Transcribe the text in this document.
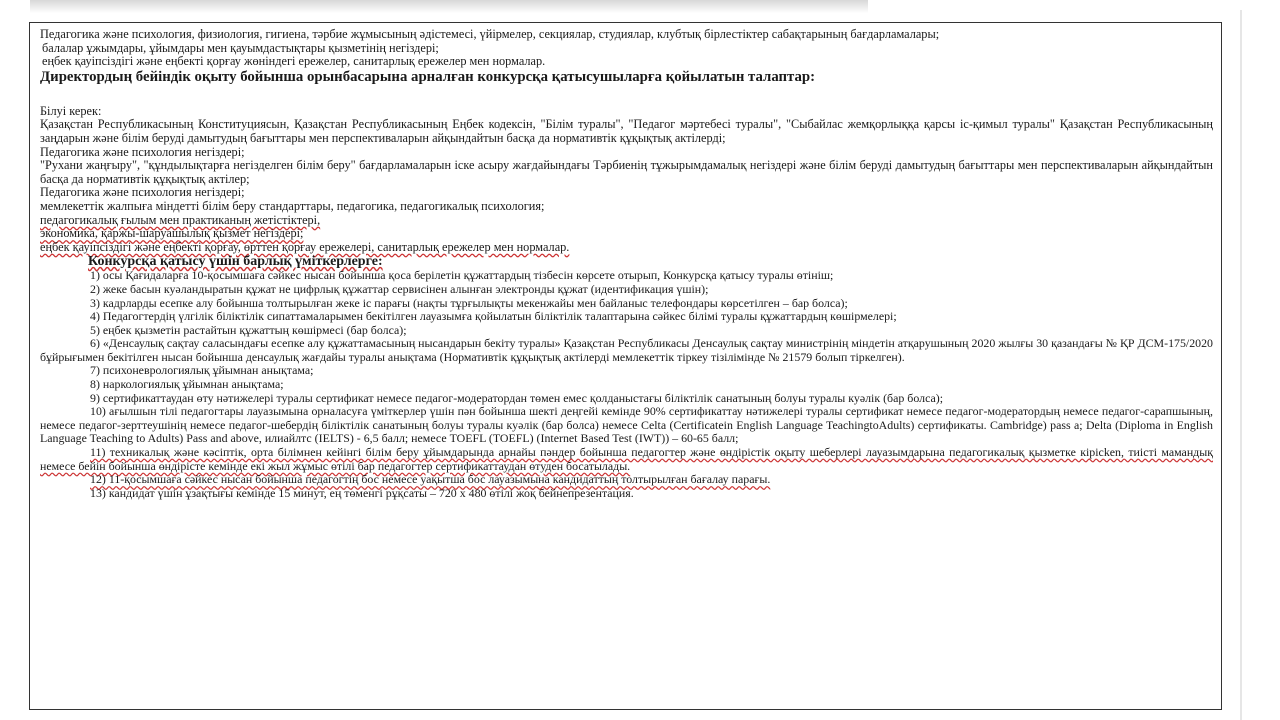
Педагогика және психология, физиология, гигиена, тәрбие жұмысының әдістемесі, үйірмелер, секциялар, студиялар, клубтық бірлестіктер сабақтарының бағдарламалары;

балалар ұжымдары, ұйымдары мен қауымдастықтары қызметінің негіздері;

еңбек қауіпсіздігі және еңбекті қорғау жөніндегі ережелер, санитарлық ережелер мен нормалар.

Директордың бейіндік оқыту бойынша орынбасарына арналған конкурсқа қатысушыларға қойылатын талаптар:

Білуі керек:

Қазақстан Республикасының Конституциясын, Қазақстан Республикасының Еңбек кодексін, "Білім туралы", "Педагог мәртебесі туралы", "Сыбайлас жемқорлыққа қарсы іс-қимыл туралы" Қазақстан Республикасының заңдарын және білім беруді дамытудың бағыттары мен перспективаларын айқындайтын басқа да нормативтік құқықтық актілерді;

Педагогика және психология негіздері;

"Рухани жаңғыру", "құндылықтарға негізделген білім беру" бағдарламаларын іске асыру жағдайындағы Тәрбиенің тұжырымдамалық негіздері және білім беруді дамытудың бағыттары мен перспективаларын айқындайтын басқа да нормативтік құқықтық актілер;

Педагогика және психология негіздері;

мемлекеттік жалпыға міндетті білім беру стандарттары, педагогика, педагогикалық психология;

педагогикалық ғылым мен практиканың жетістіктері,

экономика, қаржы-шаруашылық қызмет негіздері;

еңбек қауіпсіздігі және еңбекті қорғау, өрттен қорғау ережелері, санитарлық ережелер мен нормалар.

Конкурсқа қатысу үшін барлық үміткерлерге:

1) осы Қағидаларға 10-қосымшаға сәйкес нысан бойынша қоса берілетін құжаттардың тізбесін көрсете отырып, Конкурсқа қатысу туралы өтініш;

2) жеке басын куәландыратын құжат не цифрлық құжаттар сервисінен алынған электронды құжат (идентификация үшін);

3) кадрларды есепке алу бойынша толтырылған жеке іс парағы (нақты тұрғылықты мекенжайы мен байланыс телефондары көрсетілген – бар болса);

4) Педагогтердің үлгілік біліктілік сипаттамаларымен бекітілген лауазымға қойылатын біліктілік талаптарына сәйкес білімі туралы құжаттардың көшірмелері;

5) еңбек қызметін растайтын құжаттың көшірмесі (бар болса);

6) «Денсаулық сақтау саласындағы есепке алу құжаттамасының нысандарын бекіту туралы» Қазақстан Республикасы Денсаулық сақтау министрінің міндетін атқарушының 2020 жылғы 30 қазандағы № ҚР ДСМ-175/2020 бұйрығымен бекітілген нысан бойынша денсаулық жағдайы туралы анықтама (Нормативтік құқықтық актілерді мемлекеттік тіркеу тізілімінде № 21579 болып тіркелген).

7) психоневрологиялық ұйымнан анықтама;

8) наркологиялық ұйымнан анықтама;

9) сертификаттаудан өту нәтижелері туралы сертификат немесе педагог-модератордан төмен емес қолданыстағы біліктілік санатының болуы туралы куәлік (бар болса);

10) ағылшын тілі педагогтары лауазымына орналасуға үміткерлер үшін пән бойынша шекті деңгейі кемінде 90% сертификаттау нәтижелері туралы сертификат немесе педагог-модератордың немесе педагог-сарапшының, немесе педагог-зерттеушінің немесе педагог-шебердің біліктілік санатының болуы туралы куәлік (бар болса) немесе Celta (Certificatein English Language TeachingtoAdults) сертификаты. Cambridge) pass a; Delta (Diploma in English Language Teaching to Adults) Pass and above, илиайлтс (IELTS) - 6,5 балл; немесе TOEFL (TOEFL) (Internet Based Test (IWT)) – 60-65 балл;

11) техникалық және кәсіптік, орта білімнен кейінгі білім беру ұйымдарында арнайы пәндер бойынша педагогтер және өндірістік оқыту шеберлері лауазымдарына педагогикалық қызметке кірісken, тиісті мамандық немесе бейін бойынша өндірісте кемінде екі жыл жұмыс өтілі бар педагогтер сертификаттаудан өтуден босатылады.

12) 11-қосымшаға сәйкес нысан бойынша педагогтің бос немесе уақытша бос лауазымына кандидаттың толтырылған бағалау парағы.

13) кандидат үшін ұзақтығы кемінде 15 минут, ең төменгі рұқсаты – 720 х 480 өтілі жоқ бейнепрезентация.
